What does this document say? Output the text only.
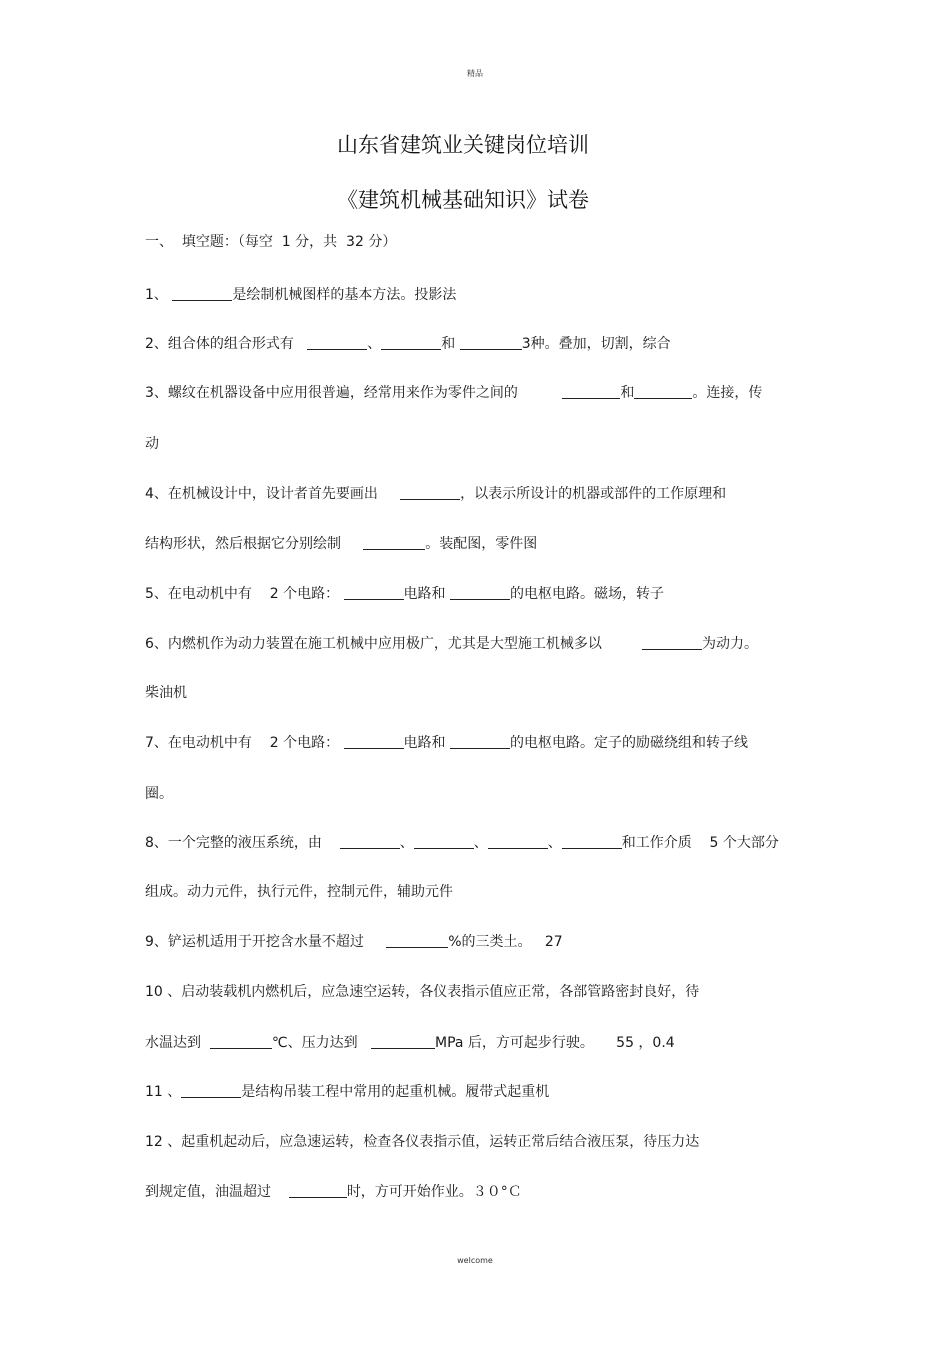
精品
山东省建筑业关键岗位培训
《建筑机械基础知识》试卷
一、  填空题：（每空  1 分，共  32 分）
1、	是绘制机械图样的基本方法。投影法
2、组合体的组合形式有	、	和	3种。叠加，切割，综合
3、螺纹在机器设备中应用很普遍，经常用来作为零件之间的	和	。连接，传
动
4、在机械设计中，设计者首先要画出	，以表示所设计的机器或部件的工作原理和
结构形状，然后根据它分别绘制	。装配图，零件图
5、在电动机中有    2 个电路：	电路和	的电枢电路。磁场，转子
6、内燃机作为动力装置在施工机械中应用极广，尤其是大型施工机械多以	为动力。
柴油机
7、在电动机中有    2 个电路：	电路和	的电枢电路。定子的励磁绕组和转子线
圈。
8、一个完整的液压系统，由	、	、	、	和工作介质    5 个大部分
组成。动力元件，执行元件，控制元件，辅助元件
9、铲运机适用于开挖含水量不超过	%的三类土。   27
10 、启动装载机内燃机后，应急速空运转，各仪表指示值应正常，各部管路密封良好，待
水温达到	℃、压力达到	MPa 后，方可起步行驶。     55 ，0.4
11 、	是结构吊装工程中常用的起重机械。履带式起重机
12 、起重机起动后，应急速运转，检查各仪表指示值，运转正常后结合液压泵，待压力达
到规定值，油温超过	时，方可开始作业。３０°Ｃ
welcome
